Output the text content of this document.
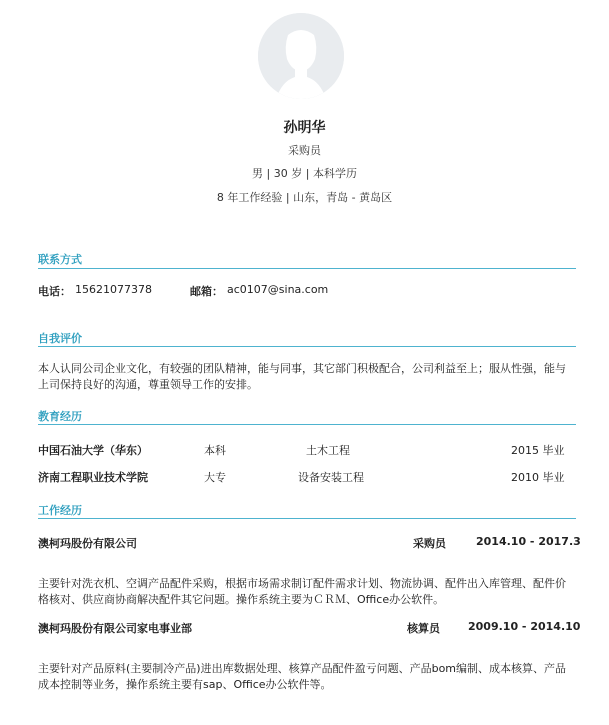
孙明华
采购员
男 | 30 岁 | 本科学历
8 年工作经验 | 山东，青岛 - 黄岛区
联系方式
电话： 15621077378	邮箱： ac0107@sina.com
自我评价
本人认同公司企业文化，有较强的团队精神，能与同事，其它部门积极配合，公司利益至上；服从性强，能与上司保持良好的沟通，尊重领导工作的安排。
教育经历
中国石油大学（华东）	本科	土木工程	2015 毕业
济南工程职业技术学院	大专	设备安装工程	2010 毕业
工作经历
澳柯玛股份有限公司	采购员	2014.10 - 2017.3
主要针对洗衣机、空调产品配件采购，根据市场需求制订配件需求计划、物流协调、配件出入库管理、配件价格核对、供应商协商解决配件其它问题。操作系统主要为ＣＲＭ、Office办公软件。
澳柯玛股份有限公司家电事业部	核算员	2009.10 - 2014.10
主要针对产品原料(主要制冷产品)进出库数据处理、核算产品配件盈亏问题、产品bom编制、成本核算、产品成本控制等业务，操作系统主要有sap、Office办公软件等。
